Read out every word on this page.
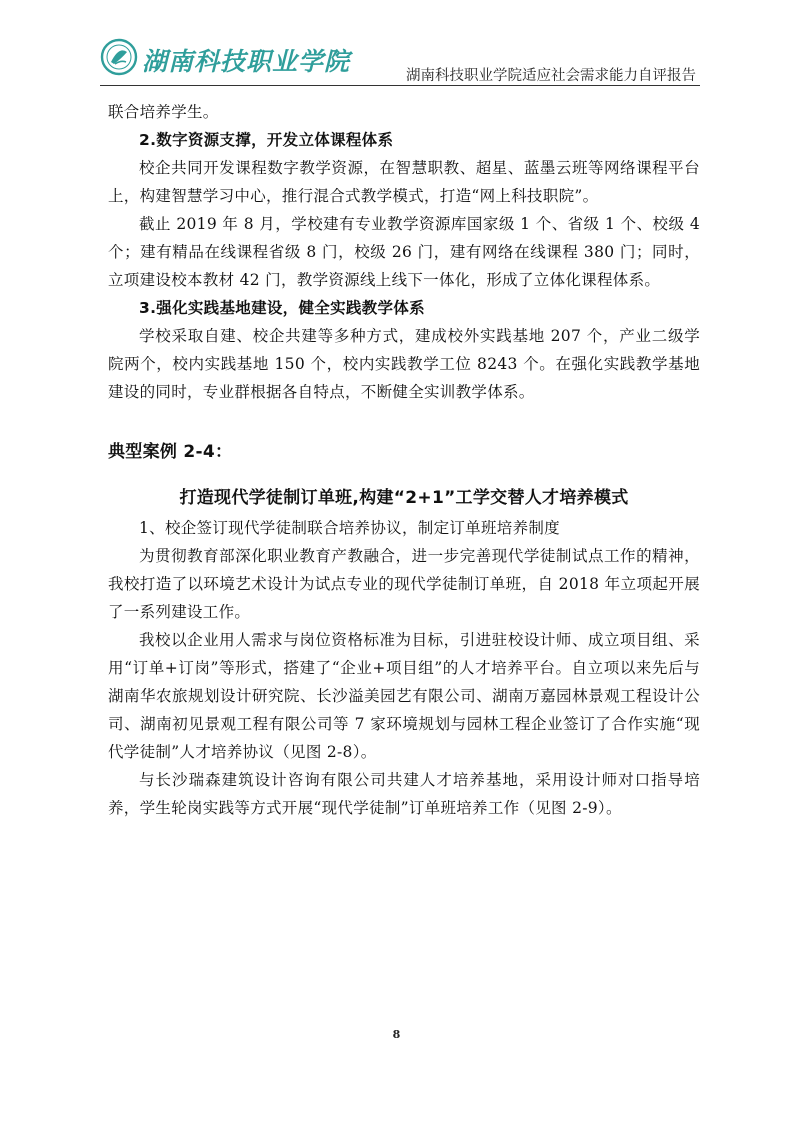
湖南科技职业学院	湖南科技职业学院适应社会需求能力自评报告

联合培养学生。

2.数字资源支撑，开发立体课程体系

校企共同开发课程数字教学资源，在智慧职教、超星、蓝墨云班等网络课程平台上，构建智慧学习中心，推行混合式教学模式，打造“网上科技职院”。

截止 2019 年 8 月，学校建有专业教学资源库国家级 1 个、省级 1 个、校级 4 个；建有精品在线课程省级 8 门，校级 26 门，建有网络在线课程 380 门；同时，立项建设校本教材 42 门，教学资源线上线下一体化，形成了立体化课程体系。

3.强化实践基地建设，健全实践教学体系

学校采取自建、校企共建等多种方式，建成校外实践基地 207 个，产业二级学院两个，校内实践基地 150 个，校内实践教学工位 8243 个。在强化实践教学基地建设的同时，专业群根据各自特点，不断健全实训教学体系。

典型案例 2-4：

打造现代学徒制订单班,构建“2+1”工学交替人才培养模式

1、校企签订现代学徒制联合培养协议，制定订单班培养制度

为贯彻教育部深化职业教育产教融合，进一步完善现代学徒制试点工作的精神，我校打造了以环境艺术设计为试点专业的现代学徒制订单班，自 2018 年立项起开展了一系列建设工作。

我校以企业用人需求与岗位资格标准为目标，引进驻校设计师、成立项目组、采用“订单+订岗”等形式，搭建了“企业+项目组”的人才培养平台。自立项以来先后与湖南华农旅规划设计研究院、长沙溢美园艺有限公司、湖南万嘉园林景观工程设计公司、湖南初见景观工程有限公司等 7 家环境规划与园林工程企业签订了合作实施“现代学徒制”人才培养协议（见图 2-8）。

与长沙瑞森建筑设计咨询有限公司共建人才培养基地，采用设计师对口指导培养，学生轮岗实践等方式开展“现代学徒制”订单班培养工作（见图 2-9）。

8
